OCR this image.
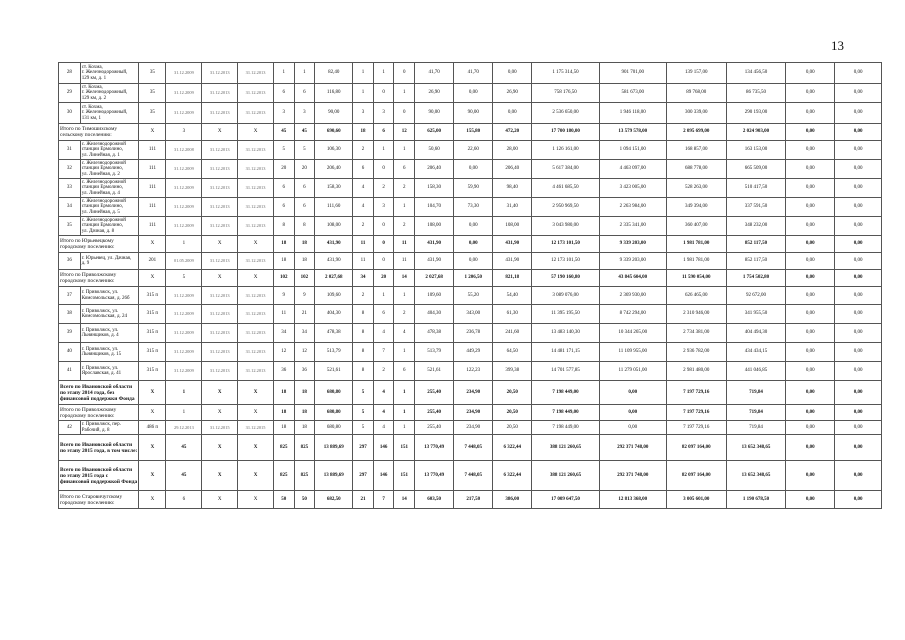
13
28	ст. Кохма,
г. Железнодорожный,
129 км, д. 1	35	31.12.2009	31.12.2013	31.12.2013	1	1	82,40	1	1	0	41,70	41,70	0,00	1 175 314,50	901 701,00	139 157,00	134 456,50	0,00	0,00
29	ст. Кохма,
г. Железнодорожный,
129 км, д. 2	35	31.12.2009	31.12.2013	31.12.2013	6	6	116,80	1	0	1	26,90	0,00	26,90	758 176,50	581 673,00	89 768,00	86 735,50	0,00	0,00
30	ст. Кохма,
г. Железнодорожный,
131 км, 1	35	31.12.2009	31.12.2013	31.12.2013	3	3	90,00	3	3	0	90,00	90,00	0,00	2 536 650,00	1 946 118,00	300 339,00	290 193,00	0,00	0,00
Итого по Тимошихскому сельскому поселению:		X	3	X	X	45	45	690,60	18	6	12	625,00	155,80	472,20	17 700 180,00	13 579 578,00	2 095 699,00	2 024 903,00	0,00	0,00
31	с. Железнодорожной
станции Ермолино,
ул. Линейная, д. 1	111	31.12.2008	31.12.2013	31.12.2013	5	5	106,30	2	1	1	50,60	22,60	28,00	1 126 161,00	1 094 151,00	168 857,00	163 153,00	0,00	0,00
32	с. Железнодорожной
станции Ермолино,
ул. Линейная, д. 2	111	31.12.2009	31.12.2013	31.12.2013	20	20	206,40	6	0	6	206,40	0,00	206,40	5 617 384,00	4 463 097,00	688 778,00	665 509,00	0,00	0,00
33	с. Железнодорожной
станции Ермолино,
ул. Линейная, д. 4	111	31.12.2009	31.12.2013	31.12.2013	6	6	158,30	4	2	2	158,30	59,90	98,40	4 461 685,50	3 423 005,00	528 263,00	510 417,50	0,00	0,00
34	с. Железнодорожной
станции Ермолино,
ул. Линейная, д. 5	111	31.12.2009	31.12.2013	31.12.2013	6	6	111,60	4	3	1	104,70	73,30	31,40	2 950 969,50	2 263 984,00	349 394,00	337 591,50	0,00	0,00
35	с. Железнодорожной
станции Ермолино,
ул. Дачная, д. 8	111	31.12.2009	31.12.2013	31.12.2013	8	8	108,00	2	0	2	108,00	0,00	108,00	3 043 980,00	2 335 341,00	360 407,00	348 232,00	0,00	0,00
Итого по Юрьевецкому городскому поселению:		X	1	X	X	18	18	431,90	11	0	11	431,90	0,00	431,90	12 173 101,50	9 339 203,00	1 981 781,00	852 117,50	0,00	0,00
36	г. Юрьевец, ул. Дачная,
д. 9	201	01.05.2009	31.12.2013	31.12.2013	18	18	431,90	11	0	11	431,90	0,00	431,90	12 173 101,50	9 339 203,00	1 981 781,00	852 117,50	0,00	0,00
Итого по Приволжскому городскому поселению:		X	5	X	X	102	102	2 027,68	34	20	14	2 027,68	1 206,50	821,18	57 190 160,80	43 845 604,00	11 590 054,00	1 754 502,80	0,00	0,00
37	г. Приволжск, ул.
Комсомольская, д. 26б	315 п	31.12.2009	31.12.2013	31.12.2013	9	9	109,60	2	1	1	109,60	55,20	54,40	3 089 076,00	2 369 930,00	626 465,00	92 672,00	0,00	0,00
38	г. Приволжск, ул.
Комсомольская, д. 24	315 п	31.12.2009	31.12.2013	31.12.2013	11	21	404,30	8	6	2	404,30	343,00	61,30	11 395 195,50	8 742 294,00	2 310 946,00	341 955,50	0,00	0,00
39	г. Приволжск, ул.
Льнянщиков, д. 4	315 п	31.12.2009	31.12.2013	31.12.2013	34	34	478,38	8	4	4	478,38	236,78	241,60	13 483 140,30	10 344 265,00	2 734 381,00	404 494,30	0,00	0,00
40	г. Приволжск, ул.
Льнянщиков, д. 15	315 п	31.12.2009	31.12.2013	31.12.2013	12	12	513,79	8	7	1	513,79	449,29	64,50	14 481 171,15	11 109 955,00	2 936 782,00	434 434,15	0,00	0,00
41	г. Приволжск, ул.
Ярославская, д. 41	315 п	31.12.2009	31.12.2013	31.12.2013	36	36	521,61	8	2	6	521,61	122,23	399,38	14 701 577,85	11 279 051,00	2 981 480,00	441 046,85	0,00	0,00
Всего по Ивановской области по этапу 2014 года, без финансовой поддержки Фонда		X	1	X	X	18	18	680,80	5	4	1	255,40	234,90	20,50	7 198 449,00	0,00	7 197 729,16	719,84	0,00	0,00
Итого по Приволжскому городскому поселению:		X	1	X	X	18	18	680,80	5	4	1	255,40	234,90	20,50	7 198 449,00	0,00	7 197 729,16	719,84	0,00	0,00
42	г. Приволжск, пер.
Рабочий, д. 8	486 п	29.12.2013	31.12.2015	31.12.2015	18	18	680,80	5	4	1	255,40	234,90	20,50	7 198 449,00	0,00	7 197 729,16	719,84	0,00	0,00
Всего по Ивановской области по этапу 2015 года, в том числе:		X	45	X	X	825	825	13 889,69	297	146	151	13 770,49	7 448,05	6 322,44	388 121 260,65	292 371 748,00	82 097 164,00	13 652 348,65	0,00	0,00
Всего по Ивановской области по этапу 2015 года с финансовой поддержкой Фонда		X	45	X	X	825	825	13 889,69	297	146	151	13 770,49	7 448,05	6 322,44	388 121 260,65	292 371 748,00	82 097 164,00	13 652 348,65	0,00	0,00
Итого по Старовичугскому городскому поселению:		X	6	X	X	50	50	682,50	21	7	14	603,50	217,50	386,00	17 009 647,50	12 813 368,00	3 005 601,00	1 190 678,50	0,00	0,00
